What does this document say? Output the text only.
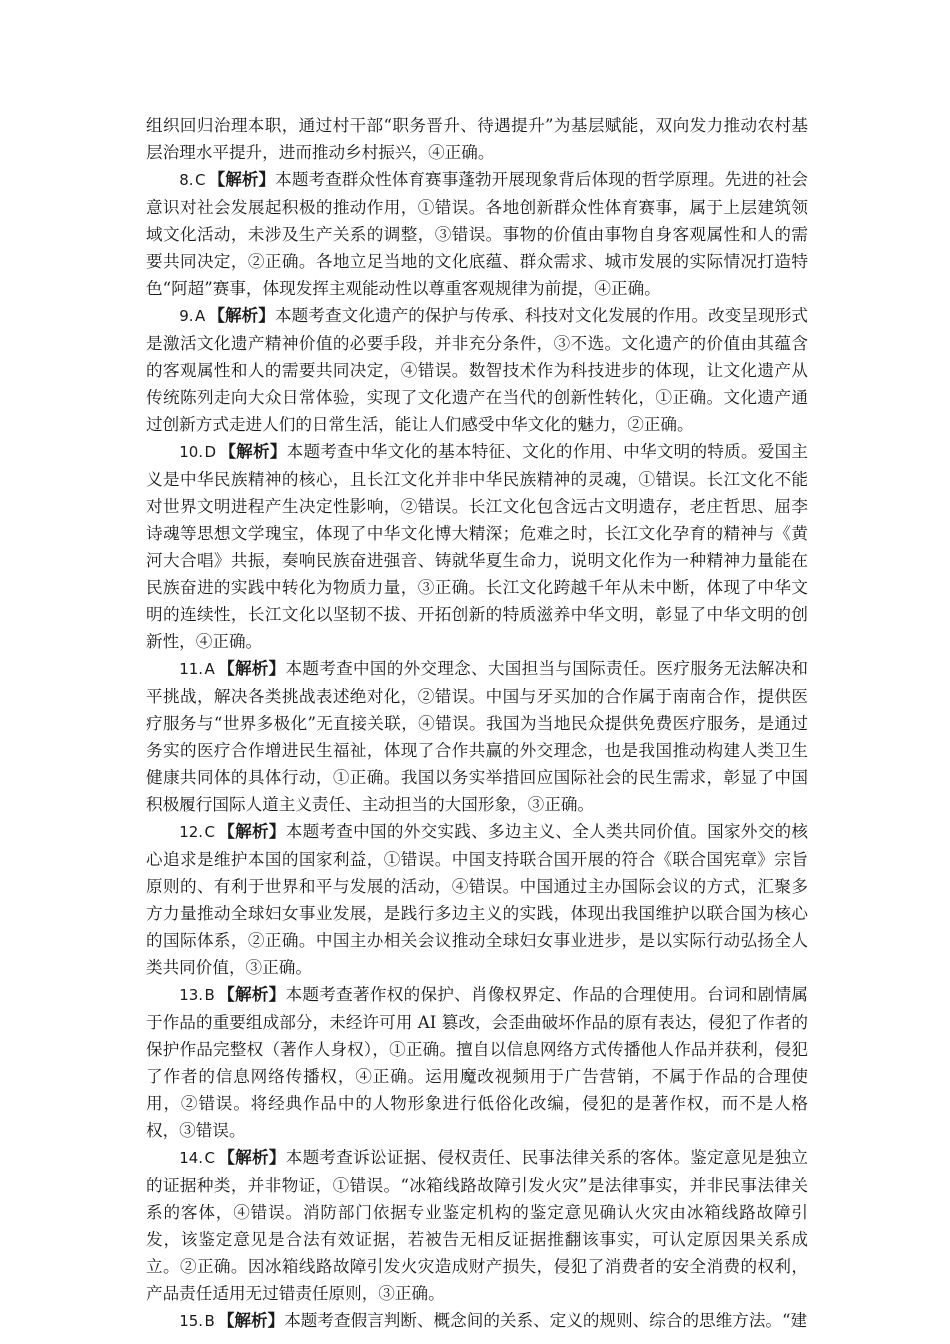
组织回归治理本职，通过村干部“职务晋升、待遇提升”为基层赋能，双向发力推动农村基层治理水平提升，进而推动乡村振兴，④正确。

8. C 【解析】本题考查群众性体育赛事蓬勃开展现象背后体现的哲学原理。先进的社会意识对社会发展起积极的推动作用，①错误。各地创新群众性体育赛事，属于上层建筑领域文化活动，未涉及生产关系的调整，③错误。事物的价值由事物自身客观属性和人的需要共同决定，②正确。各地立足当地的文化底蕴、群众需求、城市发展的实际情况打造特色“阿超”赛事，体现发挥主观能动性以尊重客观规律为前提，④正确。

9. A 【解析】本题考查文化遗产的保护与传承、科技对文化发展的作用。改变呈现形式是激活文化遗产精神价值的必要手段，并非充分条件，③不选。文化遗产的价值由其蕴含的客观属性和人的需要共同决定，④错误。数智技术作为科技进步的体现，让文化遗产从传统陈列走向大众日常体验，实现了文化遗产在当代的创新性转化，①正确。文化遗产通过创新方式走进人们的日常生活，能让人们感受中华文化的魅力，②正确。

10. D 【解析】本题考查中华文化的基本特征、文化的作用、中华文明的特质。爱国主义是中华民族精神的核心，且长江文化并非中华民族精神的灵魂，①错误。长江文化不能对世界文明进程产生决定性影响，②错误。长江文化包含远古文明遗存，老庄哲思、屈李诗魂等思想文学瑰宝，体现了中华文化博大精深；危难之时，长江文化孕育的精神与《黄河大合唱》共振，奏响民族奋进强音、铸就华夏生命力，说明文化作为一种精神力量能在民族奋进的实践中转化为物质力量，③正确。长江文化跨越千年从未中断，体现了中华文明的连续性，长江文化以坚韧不拔、开拓创新的特质滋养中华文明，彰显了中华文明的创新性，④正确。

11. A 【解析】本题考查中国的外交理念、大国担当与国际责任。医疗服务无法解决和平挑战，解决各类挑战表述绝对化，②错误。中国与牙买加的合作属于南南合作，提供医疗服务与“世界多极化”无直接关联，④错误。我国为当地民众提供免费医疗服务，是通过务实的医疗合作增进民生福祉，体现了合作共赢的外交理念，也是我国推动构建人类卫生健康共同体的具体行动，①正确。我国以务实举措回应国际社会的民生需求，彰显了中国积极履行国际人道主义责任、主动担当的大国形象，③正确。

12. C 【解析】本题考查中国的外交实践、多边主义、全人类共同价值。国家外交的核心追求是维护本国的国家利益，①错误。中国支持联合国开展的符合《联合国宪章》宗旨原则的、有利于世界和平与发展的活动，④错误。中国通过主办国际会议的方式，汇聚多方力量推动全球妇女事业发展，是践行多边主义的实践，体现出我国维护以联合国为核心的国际体系，②正确。中国主办相关会议推动全球妇女事业进步，是以实际行动弘扬全人类共同价值，③正确。

13. B 【解析】本题考查著作权的保护、肖像权界定、作品的合理使用。台词和剧情属于作品的重要组成部分，未经许可用 AI 篡改，会歪曲破坏作品的原有表达，侵犯了作者的保护作品完整权（著作人身权），①正确。擅自以信息网络方式传播他人作品并获利，侵犯了作者的信息网络传播权，④正确。运用魔改视频用于广告营销，不属于作品的合理使用，②错误。将经典作品中的人物形象进行低俗化改编，侵犯的是著作权，而不是人格权，③错误。

14. C 【解析】本题考查诉讼证据、侵权责任、民事法律关系的客体。鉴定意见是独立的证据种类，并非物证，①错误。“冰箱线路故障引发火灾”是法律事实，并非民事法律关系的客体，④错误。消防部门依据专业鉴定机构的鉴定意见确认火灾由冰箱线路故障引发，该鉴定意见是合法有效证据，若被告无相反证据推翻该事实，可认定原因果关系成立。②正确。因冰箱线路故障引发火灾造成财产损失，侵犯了消费者的安全消费的权利，产品责任适用无过错责任原则，③正确。

15. B 【解析】本题考查假言判断、概念间的关系、定义的规则、综合的思维方法。“建
